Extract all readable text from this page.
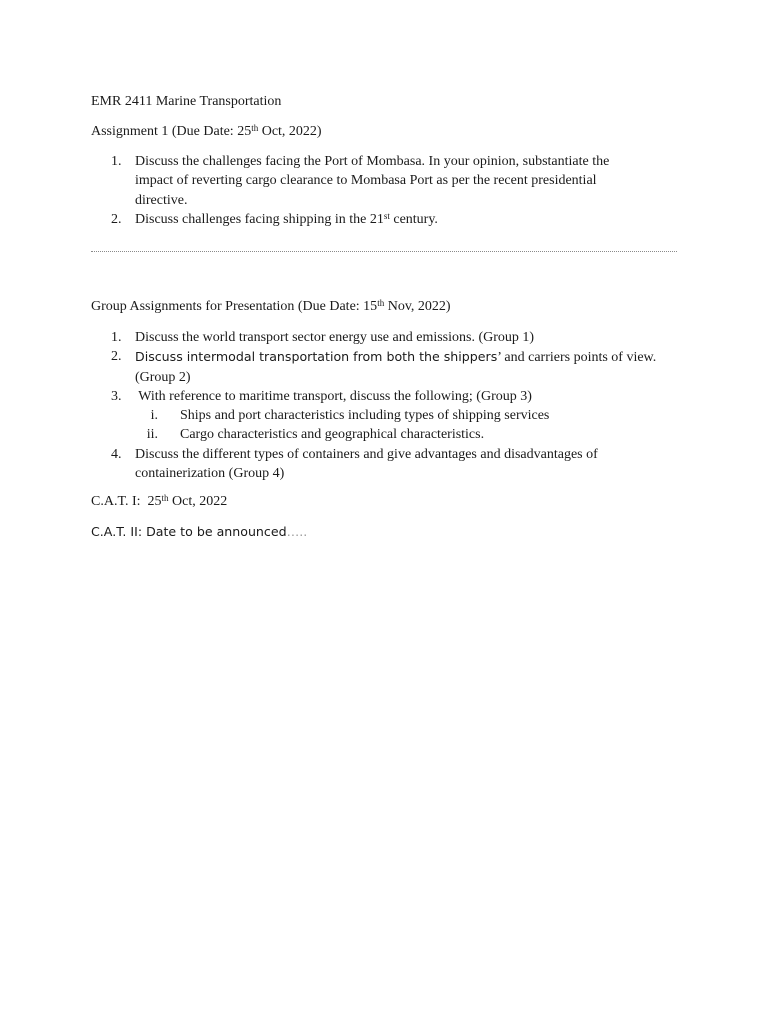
EMR 2411 Marine Transportation
Assignment 1 (Due Date: 25th Oct, 2022)
1. Discuss the challenges facing the Port of Mombasa. In your opinion, substantiate the
impact of reverting cargo clearance to Mombasa Port as per the recent presidential
directive.
2. Discuss challenges facing shipping in the 21st century.
Group Assignments for Presentation (Due Date: 15th Nov, 2022)
1. Discuss the world transport sector energy use and emissions. (Group 1)
2. Discuss intermodal transportation from both the shippers’ and carriers points of view.
(Group 2)
3. With reference to maritime transport, discuss the following; (Group 3)
i. Ships and port characteristics including types of shipping services
ii. Cargo characteristics and geographical characteristics.
4. Discuss the different types of containers and give advantages and disadvantages of
containerization (Group 4)
C.A.T. I:  25th Oct, 2022
C.A.T. II: Date to be announced…..
